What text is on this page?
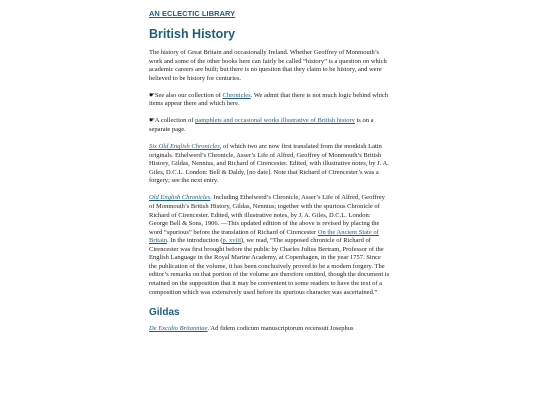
AN ECLECTIC LIBRARY
British History

The history of Great Britain and occasionally Ireland. Whether Geoffrey of Monmouth’s work and some of the other books here can fairly be called “history” is a question on which academic careers are built; but there is no question that they claim to be history, and were believed to be history for centuries.

☛See also our collection of Chronicles. We admit that there is not much logic behind which items appear there and which here.

☛A collection of pamphlets and occasional works illustrative of British history is on a separate page.

Six Old English Chronicles, of which two are now first translated from the monkish Latin originals. Ethelwerd’s Chronicle, Asser’s Life of Alfred, Geoffrey of Monmouth’s British History, Gildas, Nennius, and Richard of Cirencester. Edited, with illustrative notes, by J. A. Giles, D.C.L. London: Bell & Daldy, [no date]. Note that Richard of Cirencester’s was a forgery; see the next entry.

Old English Chronicles. Including Ethelwerd’s Chronicle, Asser’s Life of Alfred, Geoffrey of Monmouth’s British History, Gildas, Nennius; together with the spurious Chronicle of Richard of Cirencester. Edited, with illustrative notes, by J. A. Giles, D.C.L. London: George Bell & Sons, 1906. —This updated edition of the above is revised by placing the word “spurious” before the translation of Richard of Cirencester On the Ancient State of Britain. In the introduction (p. xviii), we read, “The supposed chronicle of Richard of Cirencester was first brought before the public by Charles Julius Bertram, Professor of the English Language in the Royal Marine Academy, at Copenhagen, in the year 1757. Since the publication of the volume, it has been conclusively proved to be a modern forgery. The editor’s remarks on that portion of the volume are therefore omitted, though the document is retained on the supposition that it may be convenient to some readers to have the text of a composition which was extensively used before its spurious character was ascertained.”

Gildas

De Excidio Britanniae. Ad fidem codicum manuscriptorum recensuit Josephus
